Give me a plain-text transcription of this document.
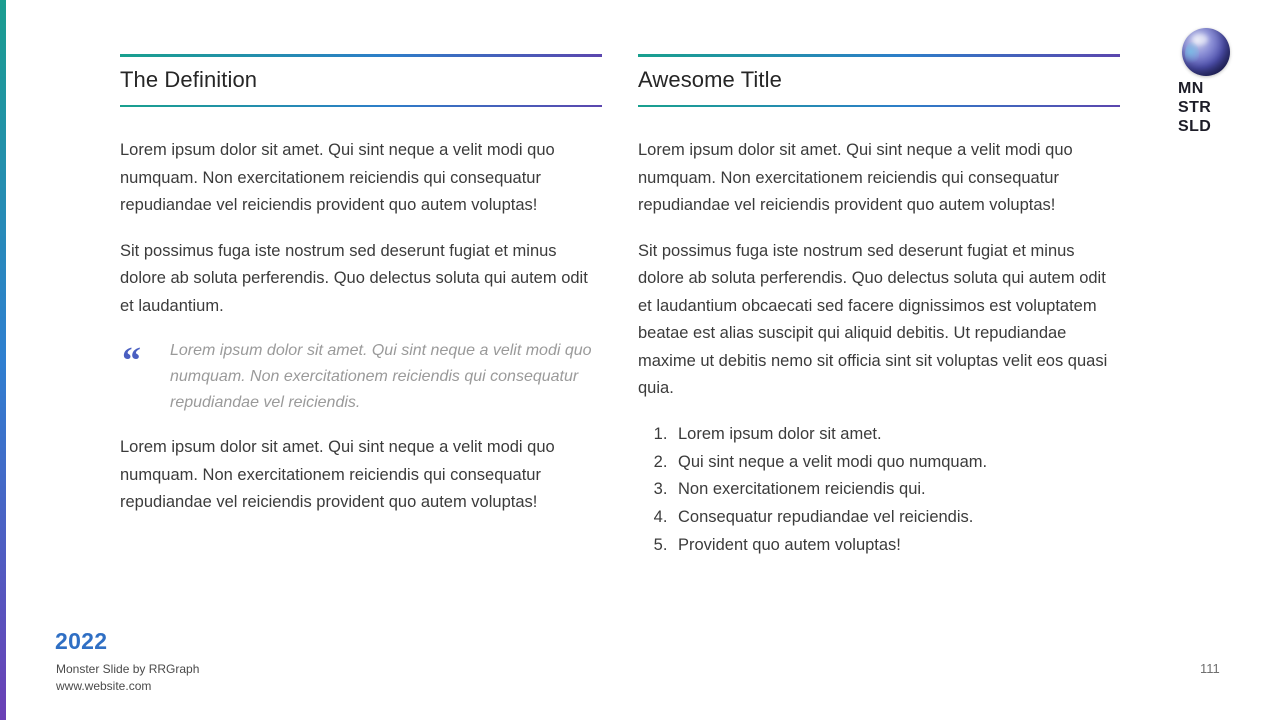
The Definition

Lorem ipsum dolor sit amet. Qui sint neque a velit modi quo numquam. Non exercitationem reiciendis qui consequatur repudiandae vel reiciendis provident quo autem voluptas!

Sit possimus fuga iste nostrum sed deserunt fugiat et minus dolore ab soluta perferendis. Quo delectus soluta qui autem odit et laudantium.

“	Lorem ipsum dolor sit amet. Qui sint neque a velit modi quo numquam. Non exercitationem reiciendis qui consequatur repudiandae vel reiciendis.

Lorem ipsum dolor sit amet. Qui sint neque a velit modi quo numquam. Non exercitationem reiciendis qui consequatur repudiandae vel reiciendis provident quo autem voluptas!

Awesome Title

Lorem ipsum dolor sit amet. Qui sint neque a velit modi quo numquam. Non exercitationem reiciendis qui consequatur repudiandae vel reiciendis provident quo autem voluptas!

Sit possimus fuga iste nostrum sed deserunt fugiat et minus dolore ab soluta perferendis. Quo delectus soluta qui autem odit et laudantium obcaecati sed facere dignissimos est voluptatem beatae est alias suscipit qui aliquid debitis. Ut repudiandae maxime ut debitis nemo sit officia sint sit voluptas velit eos quasi quia.

1. Lorem ipsum dolor sit amet.
2. Qui sint neque a velit modi quo numquam.
3. Non exercitationem reiciendis qui.
4. Consequatur repudiandae vel reiciendis.
5. Provident quo autem voluptas!
MN
STR
SLD
2022
Monster Slide by RRGraph
www.website.com
111
